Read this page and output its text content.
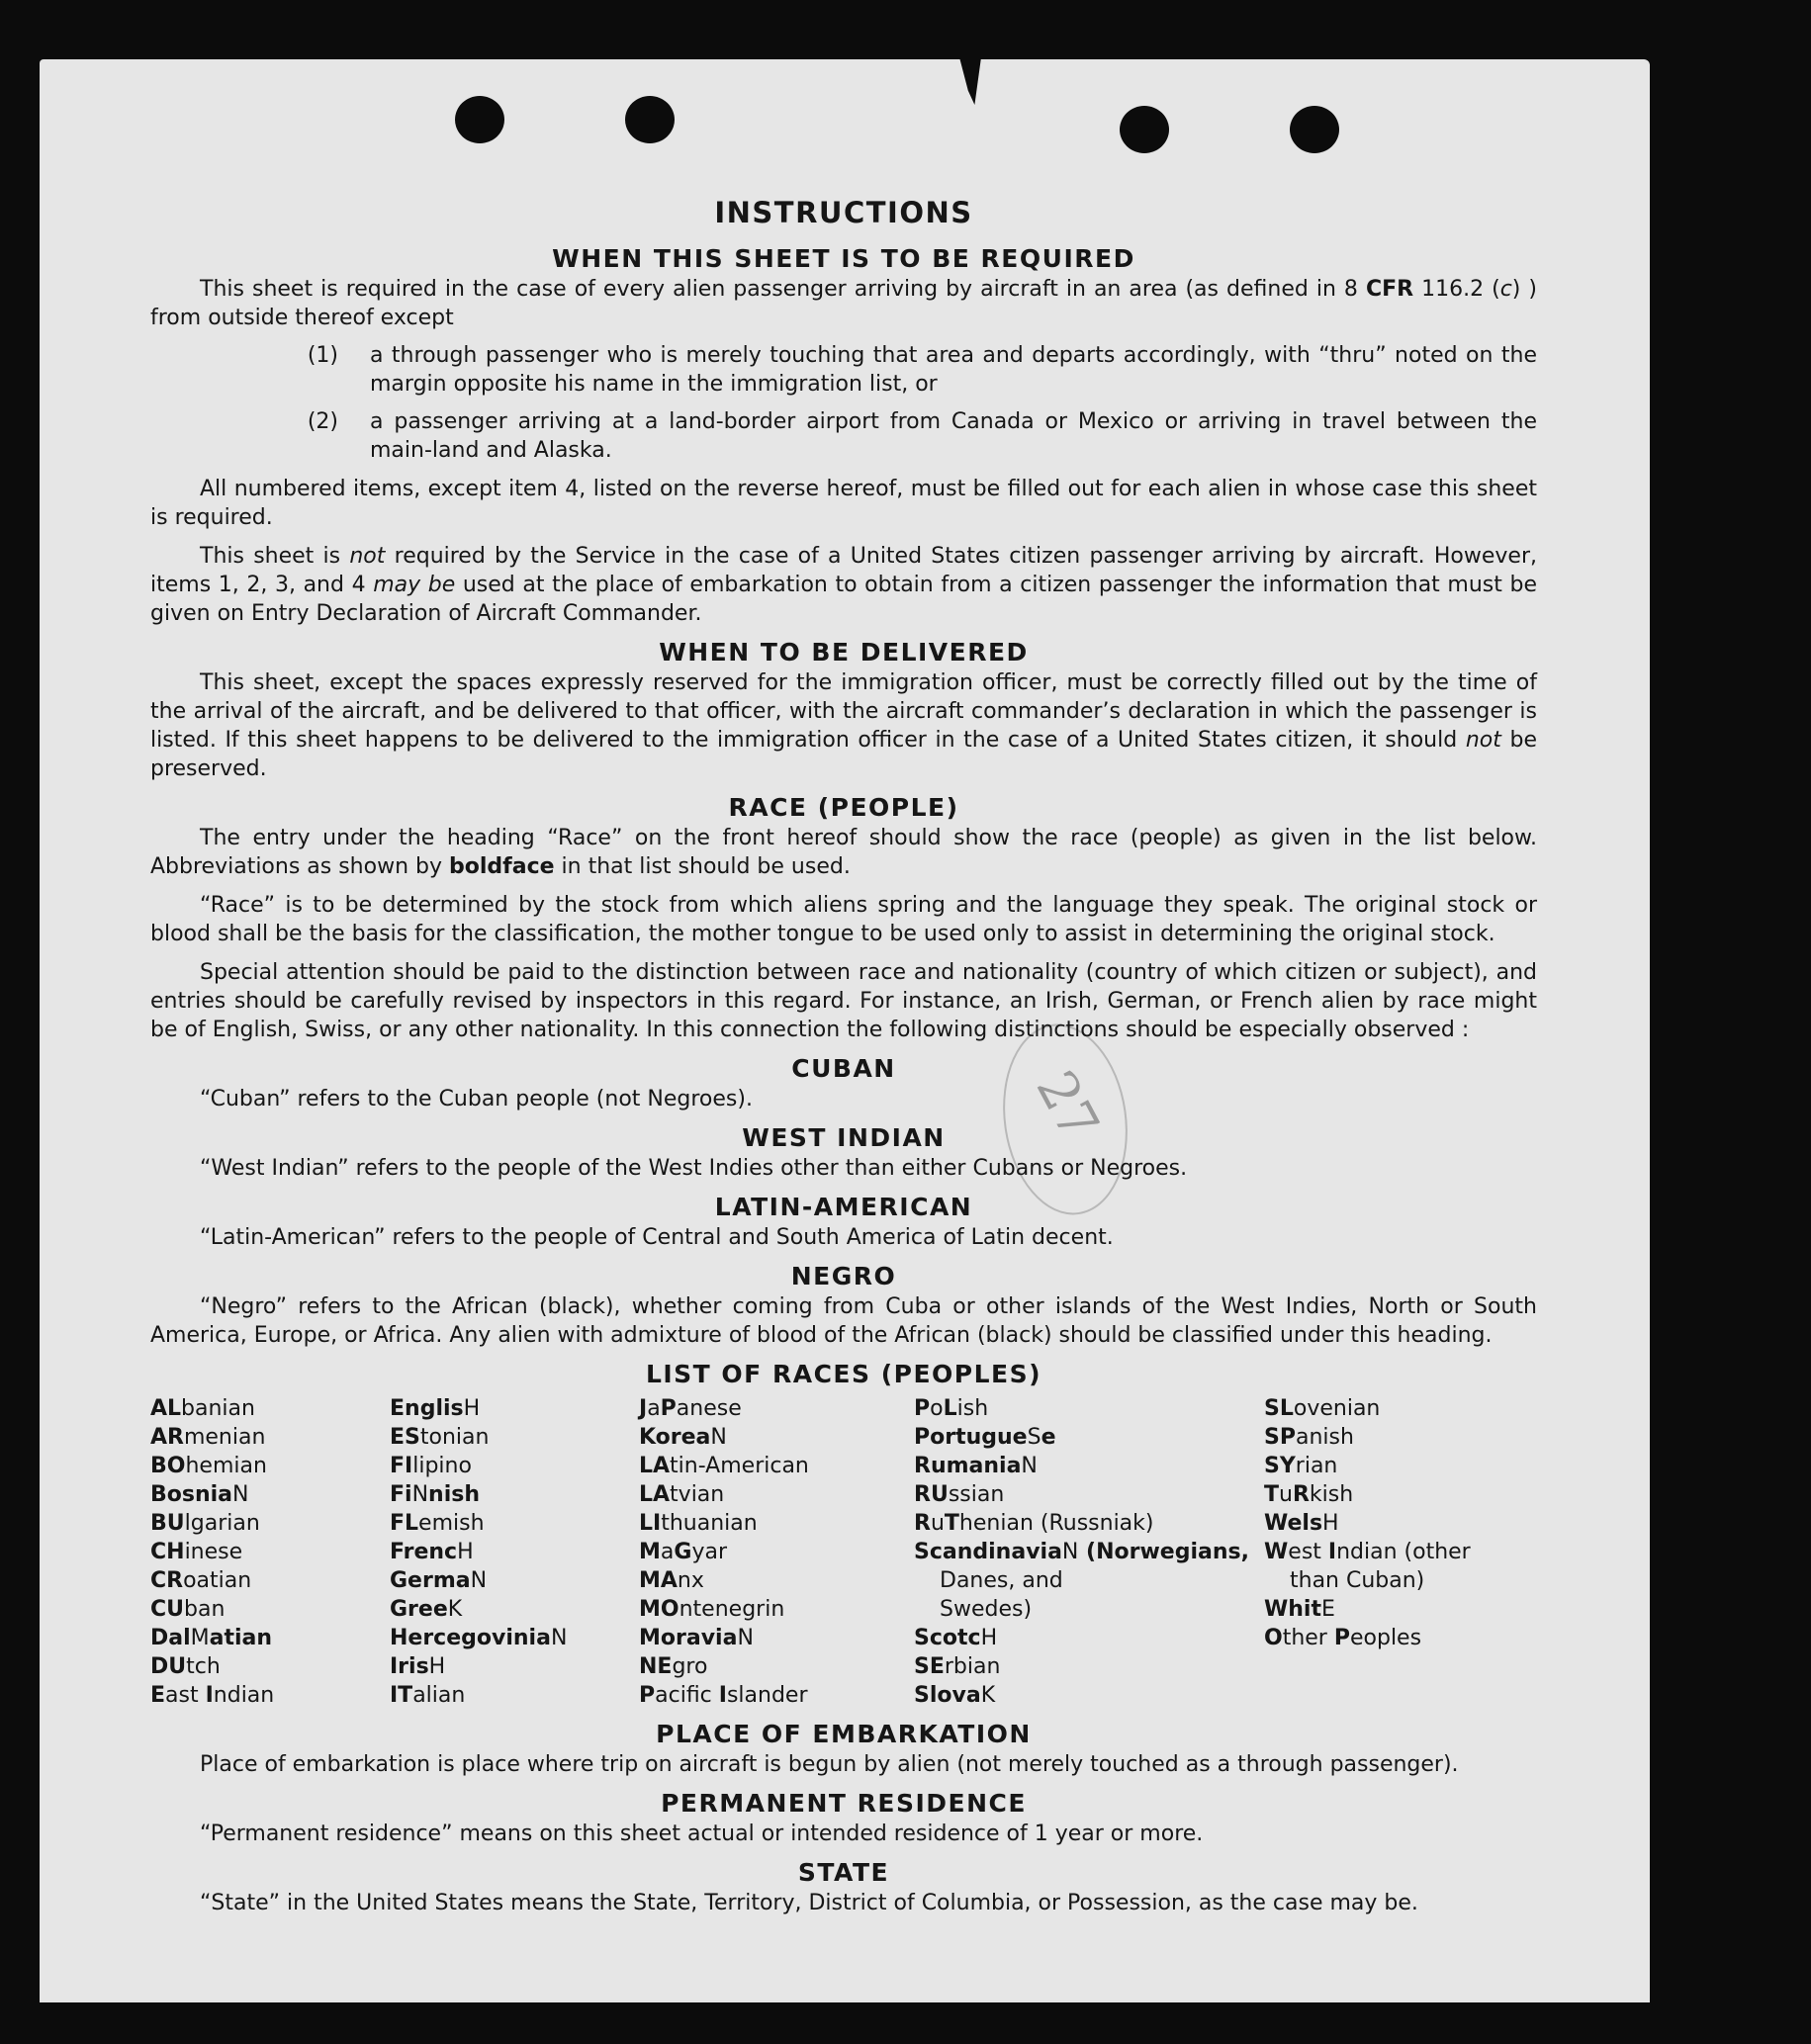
27
INSTRUCTIONS
WHEN THIS SHEET IS TO BE REQUIRED

This sheet is required in the case of every alien passenger arriving by aircraft in an area (as defined in 8 CFR 116.2 (c) ) from outside thereof except

(1)	a through passenger who is merely touching that area and departs accordingly, with “thru” noted on the margin opposite his name in the immigration list, or
(2)	a passenger arriving at a land-border airport from Canada or Mexico or arriving in travel between the main-land and Alaska.

All numbered items, except item 4, listed on the reverse hereof, must be filled out for each alien in whose case this sheet is required.

This sheet is not required by the Service in the case of a United States citizen passenger arriving by aircraft. However, items 1, 2, 3, and 4 may be used at the place of embarkation to obtain from a citizen passenger the information that must be given on Entry Declaration of Aircraft Commander.

WHEN TO BE DELIVERED

This sheet, except the spaces expressly reserved for the immigration officer, must be correctly filled out by the time of the arrival of the aircraft, and be delivered to that officer, with the aircraft commander’s declaration in which the passenger is listed. If this sheet happens to be delivered to the immigration officer in the case of a United States citizen, it should not be preserved.

RACE (PEOPLE)

The entry under the heading “Race” on the front hereof should show the race (people) as given in the list below. Abbreviations as shown by boldface in that list should be used.

“Race” is to be determined by the stock from which aliens spring and the language they speak. The original stock or blood shall be the basis for the classification, the mother tongue to be used only to assist in determining the original stock.

Special attention should be paid to the distinction between race and nationality (country of which citizen or subject), and entries should be carefully revised by inspectors in this regard. For instance, an Irish, German, or French alien by race might be of English, Swiss, or any other nationality. In this connection the following distinctions should be especially observed :

CUBAN

“Cuban” refers to the Cuban people (not Negroes).

WEST INDIAN

“West Indian” refers to the people of the West Indies other than either Cubans or Negroes.

LATIN-AMERICAN

“Latin-American” refers to the people of Central and South America of Latin decent.

NEGRO

“Negro” refers to the African (black), whether coming from Cuba or other islands of the West Indies, North or South America, Europe, or Africa. Any alien with admixture of blood of the African (black) should be classified under this heading.

LIST OF RACES (PEOPLES)
ALbanian
ARmenian
BOhemian
BosniaN
BUlgarian
CHinese
CRoatian
CUban
DalMatian
DUtch
East Indian
EnglisH
EStonian
FIlipino
FiNnish
FLemish
FrencH
GermaN
GreeK
HercegoviniaN
IrisH
ITalian
JaPanese
KoreaN
LAtin-American
LAtvian
LIthuanian
MaGyar
MAnx
MOntenegrin
MoraviaN
NEgro
Pacific Islander
PoLish
PortugueSe
RumaniaN
RUssian
RuThenian (Russniak)
ScandinaviaN (Norwegians,
Danes, and
Swedes)
ScotcH
SErbian
SlovaK
SLovenian
SPanish
SYrian
TuRkish
WelsH
West Indian (other
than Cuban)
WhitE
Other Peoples
PLACE OF EMBARKATION

Place of embarkation is place where trip on aircraft is begun by alien (not merely touched as a through passenger).

PERMANENT RESIDENCE

“Permanent residence” means on this sheet actual or intended residence of 1 year or more.

STATE

“State” in the United States means the State, Territory, District of Columbia, or Possession, as the case may be.
